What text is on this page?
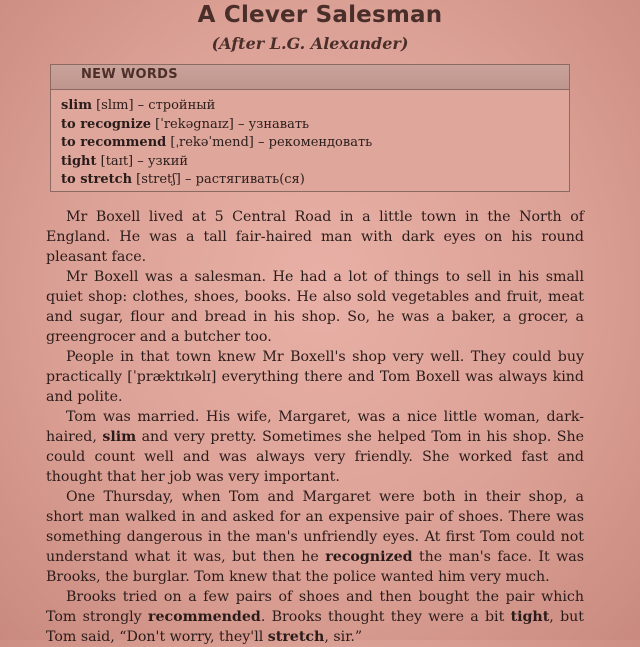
A Clever Salesman
(After L.G. Alexander)
NEW WORDS
slim [slɪm] – стройный
to recognize [ˈrekəgnaɪz] – узнавать
to recommend [ˌrekəˈmend] – рекомендовать
tight [taɪt] – узкий
to stretch [stretʃ] – растягивать(ся)

Mr Boxell lived at 5 Central Road in a little town in the North of England. He was a tall fair-haired man with dark eyes on his round pleasant face.

Mr Boxell was a salesman. He had a lot of things to sell in his small quiet shop: clothes, shoes, books. He also sold vegetables and fruit, meat and sugar, flour and bread in his shop. So, he was a baker, a grocer, a greengrocer and a butcher too.

People in that town knew Mr Boxell's shop very well. They could buy practically [ˈpræktɪkəlɪ] everything there and Tom Boxell was always kind and polite.

Tom was married. His wife, Margaret, was a nice little woman, dark-haired, slim and very pretty. Sometimes she helped Tom in his shop. She could count well and was always very friendly. She worked fast and thought that her job was very important.

One Thursday, when Tom and Margaret were both in their shop, a short man walked in and asked for an expensive pair of shoes. There was something dangerous in the man's unfriendly eyes. At first Tom could not understand what it was, but then he recognized the man's face. It was Brooks, the burglar. Tom knew that the police wanted him very much.

Brooks tried on a few pairs of shoes and then bought the pair which Tom strongly recommended. Brooks thought they were a bit tight, but Tom said, “Don't worry, they'll stretch, sir.”
